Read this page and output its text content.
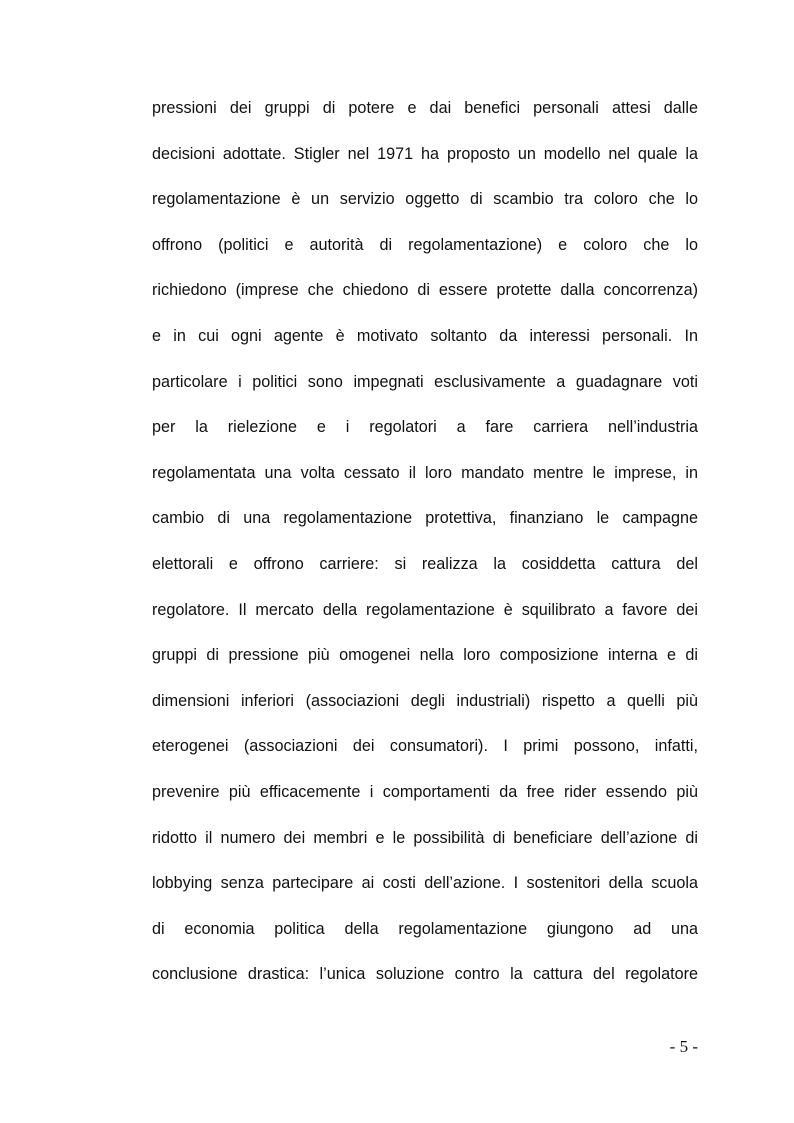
pressioni dei gruppi di potere e dai benefici personali attesi dalle
decisioni adottate. Stigler nel 1971 ha proposto un modello nel quale la
regolamentazione è un servizio oggetto di scambio tra coloro che lo
offrono (politici e autorità di regolamentazione) e coloro che lo
richiedono (imprese che chiedono di essere protette dalla concorrenza)
e in cui ogni agente è motivato soltanto da interessi personali. In
particolare i politici sono impegnati esclusivamente a guadagnare voti
per la rielezione e i regolatori a fare carriera nell’industria
regolamentata una volta cessato il loro mandato mentre le imprese, in
cambio di una regolamentazione protettiva, finanziano le campagne
elettorali e offrono carriere: si realizza la cosiddetta cattura del
regolatore. Il mercato della regolamentazione è squilibrato a favore dei
gruppi di pressione più omogenei nella loro composizione interna e di
dimensioni inferiori (associazioni degli industriali) rispetto a quelli più
eterogenei (associazioni dei consumatori). I primi possono, infatti,
prevenire più efficacemente i comportamenti da free rider essendo più
ridotto il numero dei membri e le possibilità di beneficiare dell’azione di
lobbying senza partecipare ai costi dell’azione. I sostenitori della scuola
di economia politica della regolamentazione giungono ad una
conclusione drastica: l’unica soluzione contro la cattura del regolatore
- 5 -
